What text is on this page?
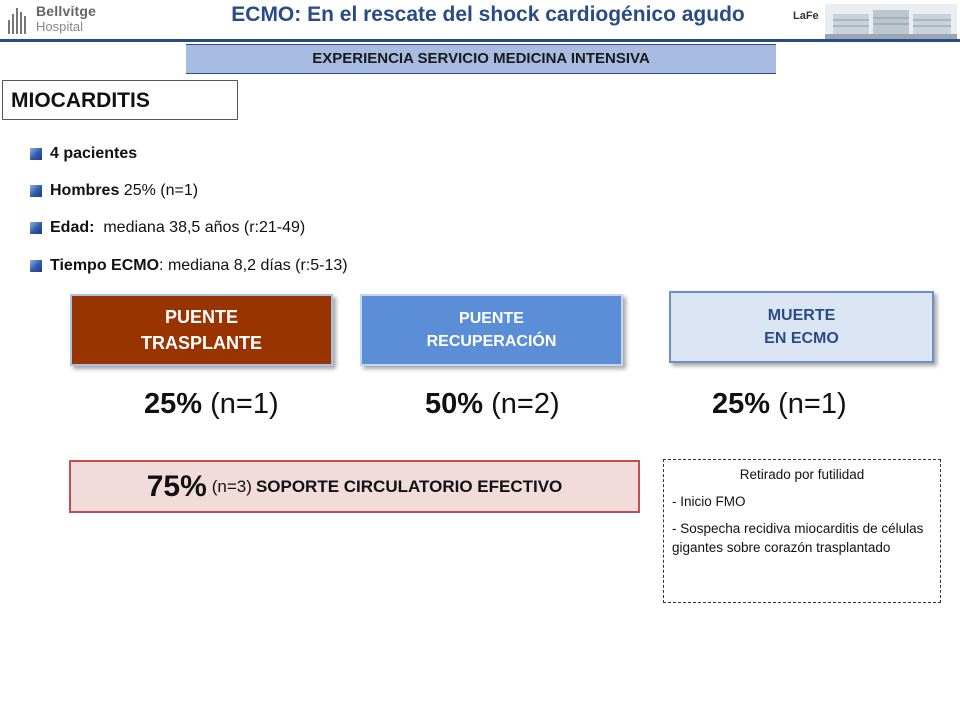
Bellvitge
Hospital
ECMO: En el rescate del shock cardiogénico agudo	LaFe
EXPERIENCIA SERVICIO MEDICINA INTENSIVA
MIOCARDITIS
4 pacientes
Hombres 25% (n=1)
Edad: mediana 38,5 años (r:21-49)
Tiempo ECMO : mediana 8,2 días (r:5-13)
PUENTE
TRASPLANTE
PUENTE
RECUPERACIÓN
MUERTE
EN ECMO
25% (n=1)	50% (n=2)	25% (n=1)
75% (n=3) SOPORTE CIRCULATORIO EFECTIVO
Retirado por futilidad
- Inicio FMO
- Sospecha recidiva miocarditis de células gigantes sobre corazón trasplantado
